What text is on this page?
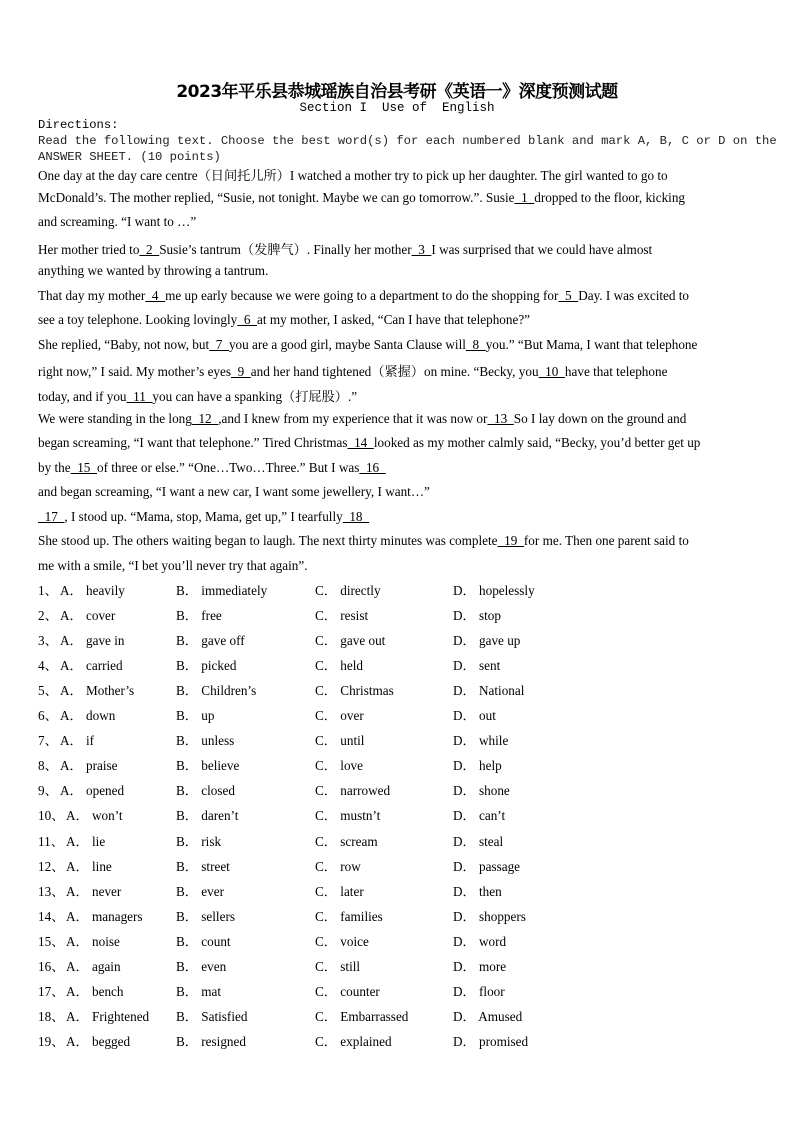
2023年平乐县恭城瑶族自治县考研《英语一》深度预测试题
Section I  Use of  English
Directions:
Read the following text. Choose the best word(s) for each numbered blank and mark A, B, C or D on the
ANSWER SHEET. (10 points)
One day at the day care centre（日间托儿所）I watched a mother try to pick up her daughter. The girl wanted to go to
McDonald’s. The mother replied, “Susie, not tonight. Maybe we can go tomorrow.”. Susie  1  dropped to the floor, kicking
and screaming. “I want to …”
Her mother tried to  2  Susie’s tantrum（发脾气）. Finally her mother  3  I was surprised that we could have almost
anything we wanted by throwing a tantrum.
That day my mother  4  me up early because we were going to a department to do the shopping for  5  Day. I was excited to
see a toy telephone. Looking lovingly  6  at my mother, I asked, “Can I have that telephone?”
She replied, “Baby, not now, but  7  you are a good girl, maybe Santa Clause will  8  you.” “But Mama, I want that telephone
right now,” I said. My mother’s eyes  9  and her hand tightened（紧握）on mine. “Becky, you  10  have that telephone
today, and if you  11  you can have a spanking（打屁股）.”
We were standing in the long  12  ,and I knew from my experience that it was now or  13  So I lay down on the ground and
began screaming, “I want that telephone.” Tired Christmas  14  looked as my mother calmly said, “Becky, you’d better get up
by the  15  of three or else.” “One…Two…Three.” But I was  16
and began screaming, “I want a new car, I want some jewellery, I want…”
17  , I stood up. “Mama, stop, Mama, get up,” I tearfully  18
She stood up. The others waiting began to laugh. The next thirty minutes was complete  19  for me. Then one parent said to
me with a smile, “I bet you’ll never try that again”.
1、 A． heavily	B． immediately	C． directly	D． hopelessly
2、 A． cover	B． free	C． resist	D． stop
3、 A． gave in	B． gave off	C． gave out	D． gave up
4、 A． carried	B． picked	C． held	D． sent
5、 A． Mother’s	B． Children’s	C． Christmas	D． National
6、 A． down	B． up	C． over	D． out
7、 A． if	B． unless	C． until	D． while
8、 A． praise	B． believe	C． love	D． help
9、 A． opened	B． closed	C． narrowed	D． shone
10、 A． won’t	B． daren’t	C． mustn’t	D． can’t
11、 A． lie	B． risk	C． scream	D． steal
12、 A． line	B． street	C． row	D． passage
13、 A． never	B． ever	C． later	D． then
14、 A． managers	B． sellers	C． families	D． shoppers
15、 A． noise	B． count	C． voice	D． word
16、 A． again	B． even	C． still	D． more
17、 A． bench	B． mat	C． counter	D． floor
18、 A． Frightened B． Satisfied	C． Embarrassed	D． Amused
19、 A． begged	B． resigned	C． explained	D． promised
